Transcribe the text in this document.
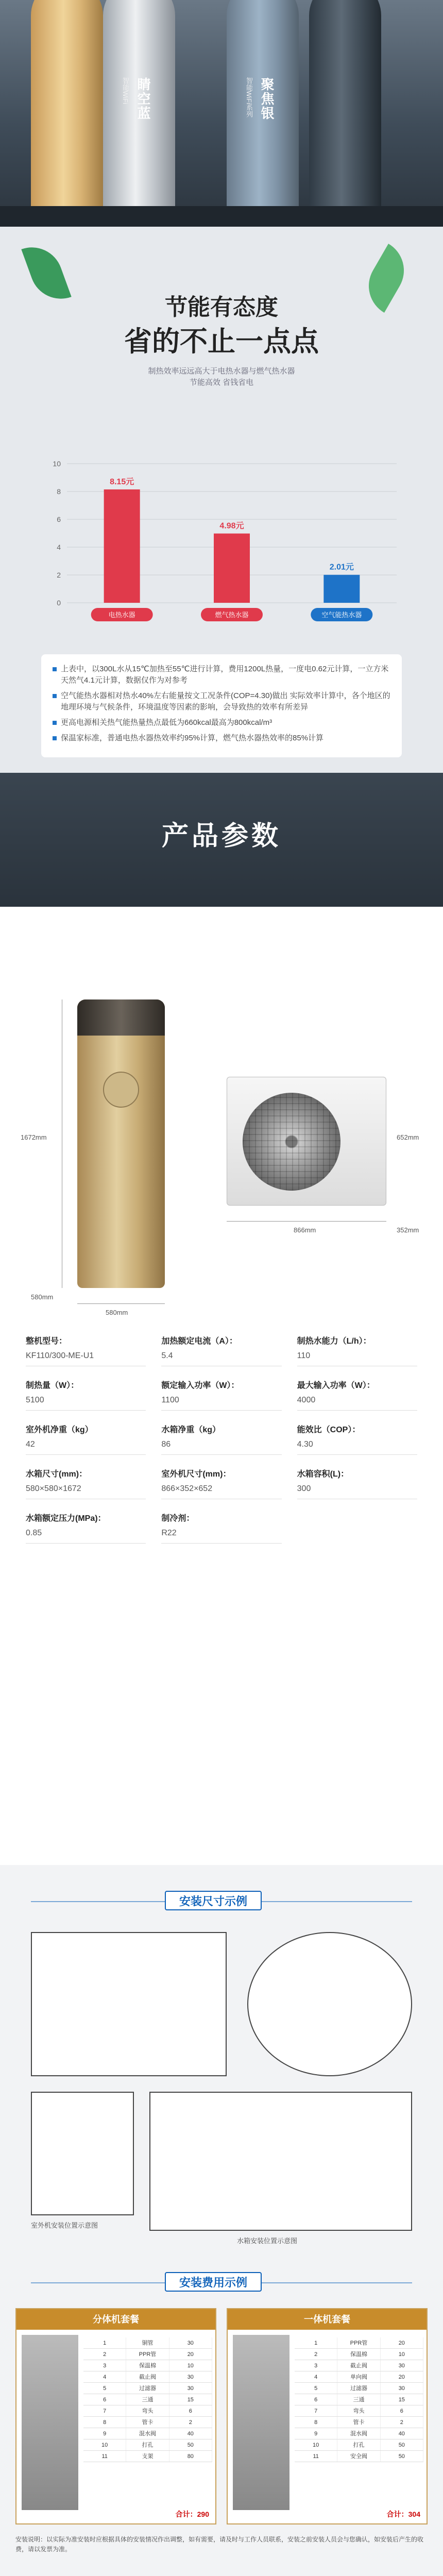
睛空蓝
智能WiFi	聚焦银
智能WiFi系列
节能有态度
省的不止一点点
制热效率远远高大于电热水器与燃气热水器
节能高效 省钱省电
0
2
4
6
8
10
8.15元
电热水器
4.98元
燃气热水器
2.01元
空气能热水器
上表中，以300L水从15℃加热至55℃进行计算，费用1200L热量，一度电0.62元计算，一立方米天然气4.1元计算，数据仅作为对参考
空气能热水器相对热水40%左右能量按文工况条件(COP=4.30)做出 实际效率计算中，各个地区的地理环境与气候条件，环境温度等因素的影响，会导致热的效率有所差异
更高电源相关热气能热量热点最低为660kcal最高为800kcal/m³
保温家标准，普通电热水器热效率约95%计算，燃气热水器热效率的85%计算
产品参数
1672mm
580mm
580mm
866mm	352mm
652mm
整机型号：
KF110/300-ME-U1
加热额定电流（A）：
5.4
制热水能力（L/h）：
110
制热量（W）：
5100
额定输入功率（W）：
1100
最大输入功率（W）：
4000
室外机净重（kg）
42
水箱净重（kg）
86
能效比（COP）：
4.30
水箱尺寸(mm)：
580×580×1672
室外机尺寸(mm)：
866×352×652
水箱容积(L)：
300
水箱额定压力(MPa)：
0.85
制冷剂：
R22
安装尺寸示例
室外机安装位置示意图
水箱安装位置示意图
安装费用示例
分体机套餐
1	铜管	30
2	PPR管	20
3	保温棉	10
4	截止阀	30
5	过滤器	30
6	三通	15
7	弯头	6
8	管卡	2
9	混水阀	40
10	打孔	50
11	支架	80
合计：290
一体机套餐
1	PPR管	20
2	保温棉	10
3	截止阀	30
4	单向阀	20
5	过滤器	30
6	三通	15
7	弯头	6
8	管卡	2
9	混水阀	40
10	打孔	50
11	安全阀	50
合计：304
安装说明：以实际为准安装时应根据具体的安装情况作出调整，如有需要，请及时与工作人员联系，安装之前安装人员会与您确认，如安装后产生的收费，请以发票为准。
